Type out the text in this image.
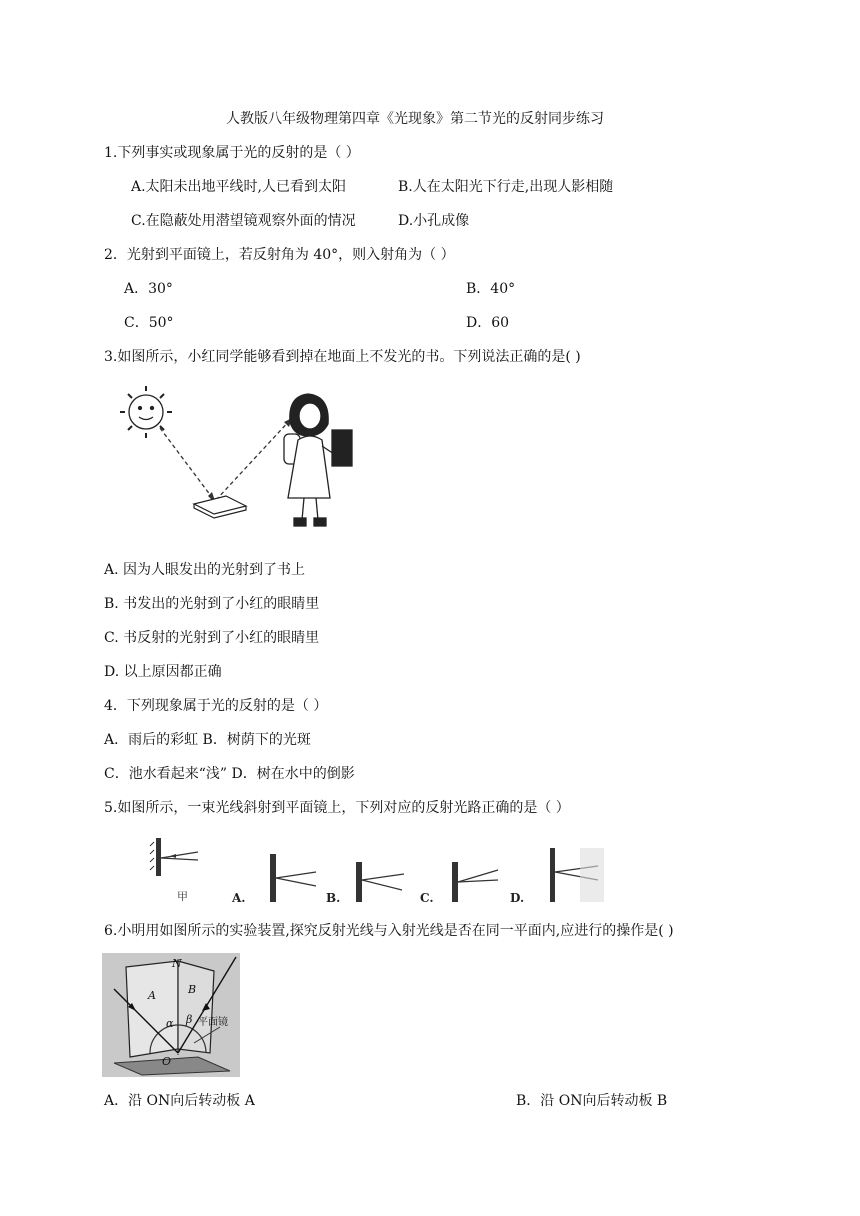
人教版八年级物理第四章《光现象》第二节光的反射同步练习
1.下列事实或现象属于光的反射的是（ ）
A.太阳未出地平线时,人已看到太阳	B.人在太阳光下行走,出现人影相随
C.在隐蔽处用潜望镜观察外面的情况	D.小孔成像
2．光射到平面镜上，若反射角为 40°，则入射角为（ ）
A．30°	B．40°
C．50°	D．60
3.如图所示，小红同学能够看到掉在地面上不发光的书。下列说法正确的是( )
A. 因为人眼发出的光射到了书上
B. 书发出的光射到了小红的眼睛里
C. 书反射的光射到了小红的眼睛里
D. 以上原因都正确
4．下列现象属于光的反射的是（ ）
A．雨后的彩虹 B．树荫下的光斑
C．池水看起来“浅” D．树在水中的倒影
5.如图所示，一束光线斜射到平面镜上，下列对应的反射光路正确的是（ ）
甲	A.	B.	C.	D.
6.小明用如图所示的实验装置,探究反射光线与入射光线是否在同一平面内,应进行的操作是( )
N
A	B
α β
O
平面镜
A．沿 ON向后转动板 A	B．沿 ON向后转动板 B
